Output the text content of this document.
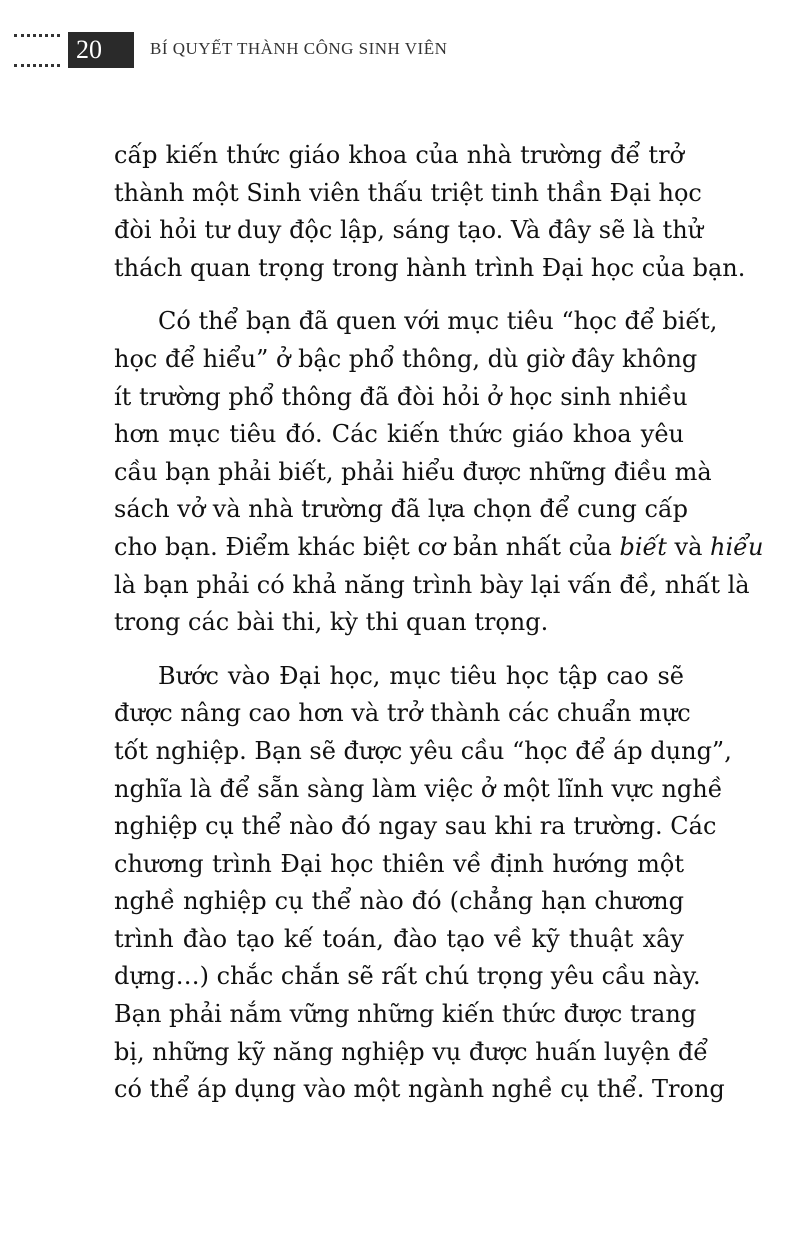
20	BÍ QUYẾT THÀNH CÔNG SINH VIÊN
cấp kiến thức giáo khoa của nhà trường để trở
thành một Sinh viên thấu triệt tinh thần Đại học
đòi hỏi tư duy độc lập, sáng tạo. Và đây sẽ là thử
thách quan trọng trong hành trình Đại học của bạn.
Có thể bạn đã quen với mục tiêu “học để biết,
học để hiểu” ở bậc phổ thông, dù giờ đây không
ít trường phổ thông đã đòi hỏi ở học sinh nhiều
hơn mục tiêu đó. Các kiến thức giáo khoa yêu
cầu bạn phải biết, phải hiểu được những điều mà
sách vở và nhà trường đã lựa chọn để cung cấp
cho bạn. Điểm khác biệt cơ bản nhất của biết và hiểu
là bạn phải có khả năng trình bày lại vấn đề, nhất là
trong các bài thi, kỳ thi quan trọng.
Bước vào Đại học, mục tiêu học tập cao sẽ
được nâng cao hơn và trở thành các chuẩn mực
tốt nghiệp. Bạn sẽ được yêu cầu “học để áp dụng”,
nghĩa là để sẵn sàng làm việc ở một lĩnh vực nghề
nghiệp cụ thể nào đó ngay sau khi ra trường. Các
chương trình Đại học thiên về định hướng một
nghề nghiệp cụ thể nào đó (chẳng hạn chương
trình đào tạo kế toán, đào tạo về kỹ thuật xây
dựng…) chắc chắn sẽ rất chú trọng yêu cầu này.
Bạn phải nắm vững những kiến thức được trang
bị, những kỹ năng nghiệp vụ được huấn luyện để
có thể áp dụng vào một ngành nghề cụ thể. Trong
